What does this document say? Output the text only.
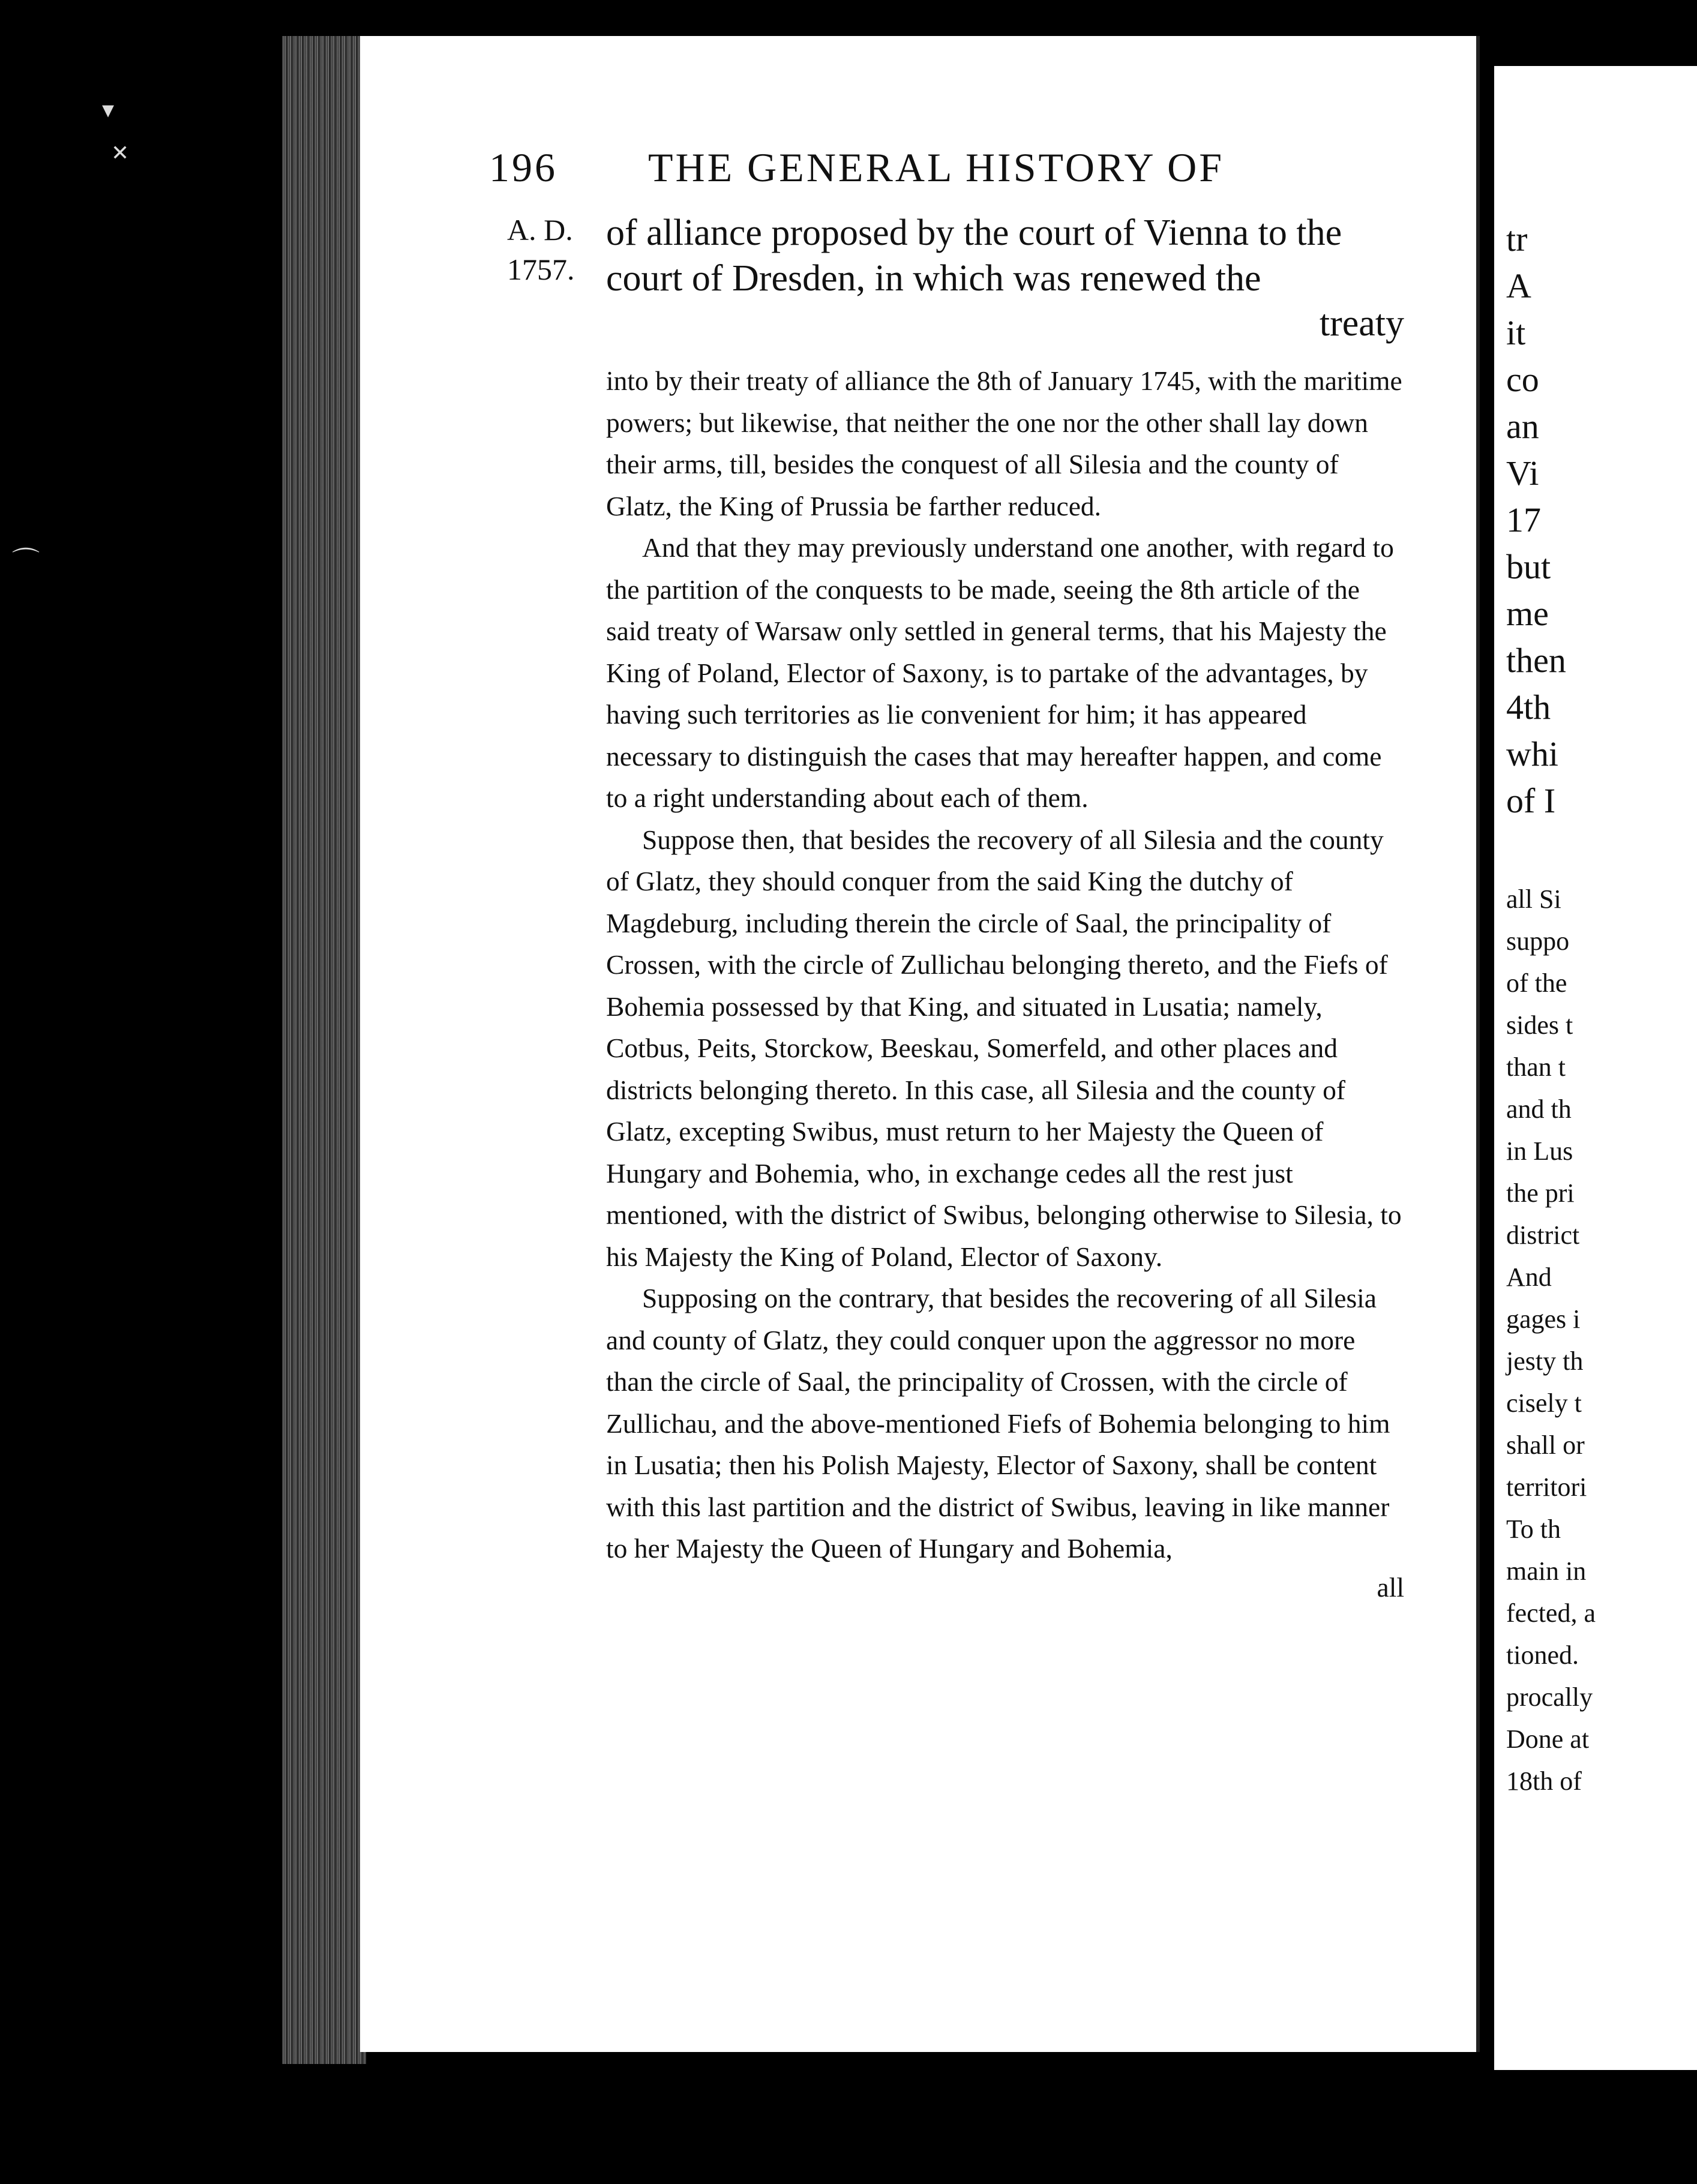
▾
✕
⌒
196 THE GENERAL HISTORY OF
A. D.
1757.

of alliance proposed by the court of Vienna to the court of Dresden, in which was renewed the

treaty

into by their treaty of alliance the 8th of January 1745, with the maritime powers; but likewise, that neither the one nor the other shall lay down their arms, till, besides the conquest of all Silesia and the county of Glatz, the King of Prussia be farther reduced.

And that they may previously understand one another, with regard to the partition of the conquests to be made, seeing the 8th article of the said treaty of Warsaw only settled in general terms, that his Majesty the King of Poland, Elector of Saxony, is to partake of the advantages, by having such territories as lie convenient for him; it has appeared necessary to distinguish the cases that may hereafter happen, and come to a right understanding about each of them.

Suppose then, that besides the recovery of all Silesia and the county of Glatz, they should conquer from the said King the dutchy of Magdeburg, including therein the circle of Saal, the principality of Crossen, with the circle of Zullichau belonging thereto, and the Fiefs of Bohemia possessed by that King, and situated in Lusatia; namely, Cotbus, Peits, Storckow, Beeskau, Somerfeld, and other places and districts belonging thereto. In this case, all Silesia and the county of Glatz, excepting Swibus, must return to her Majesty the Queen of Hungary and Bohemia, who, in exchange cedes all the rest just mentioned, with the district of Swibus, belonging otherwise to Silesia, to his Majesty the King of Poland, Elector of Saxony.

Supposing on the contrary, that besides the recovering of all Silesia and county of Glatz, they could conquer upon the aggressor no more than the circle of Saal, the principality of Crossen, with the circle of Zullichau, and the above-mentioned Fiefs of Bohemia belonging to him in Lusatia; then his Polish Majesty, Elector of Saxony, shall be content with this last partition and the district of Swibus, leaving in like manner to her Majesty the Queen of Hungary and Bohemia,

all

tr

A

it

co

an

Vi

17

but

me

then

4th

whi

of I

all Si

suppo

of the

sides t

than t

and th

in Lus

the pri

district

And

gages i

jesty th

cisely t

shall or

territori

To th

main in

fected, a

tioned.

procally

Done at

18th of
